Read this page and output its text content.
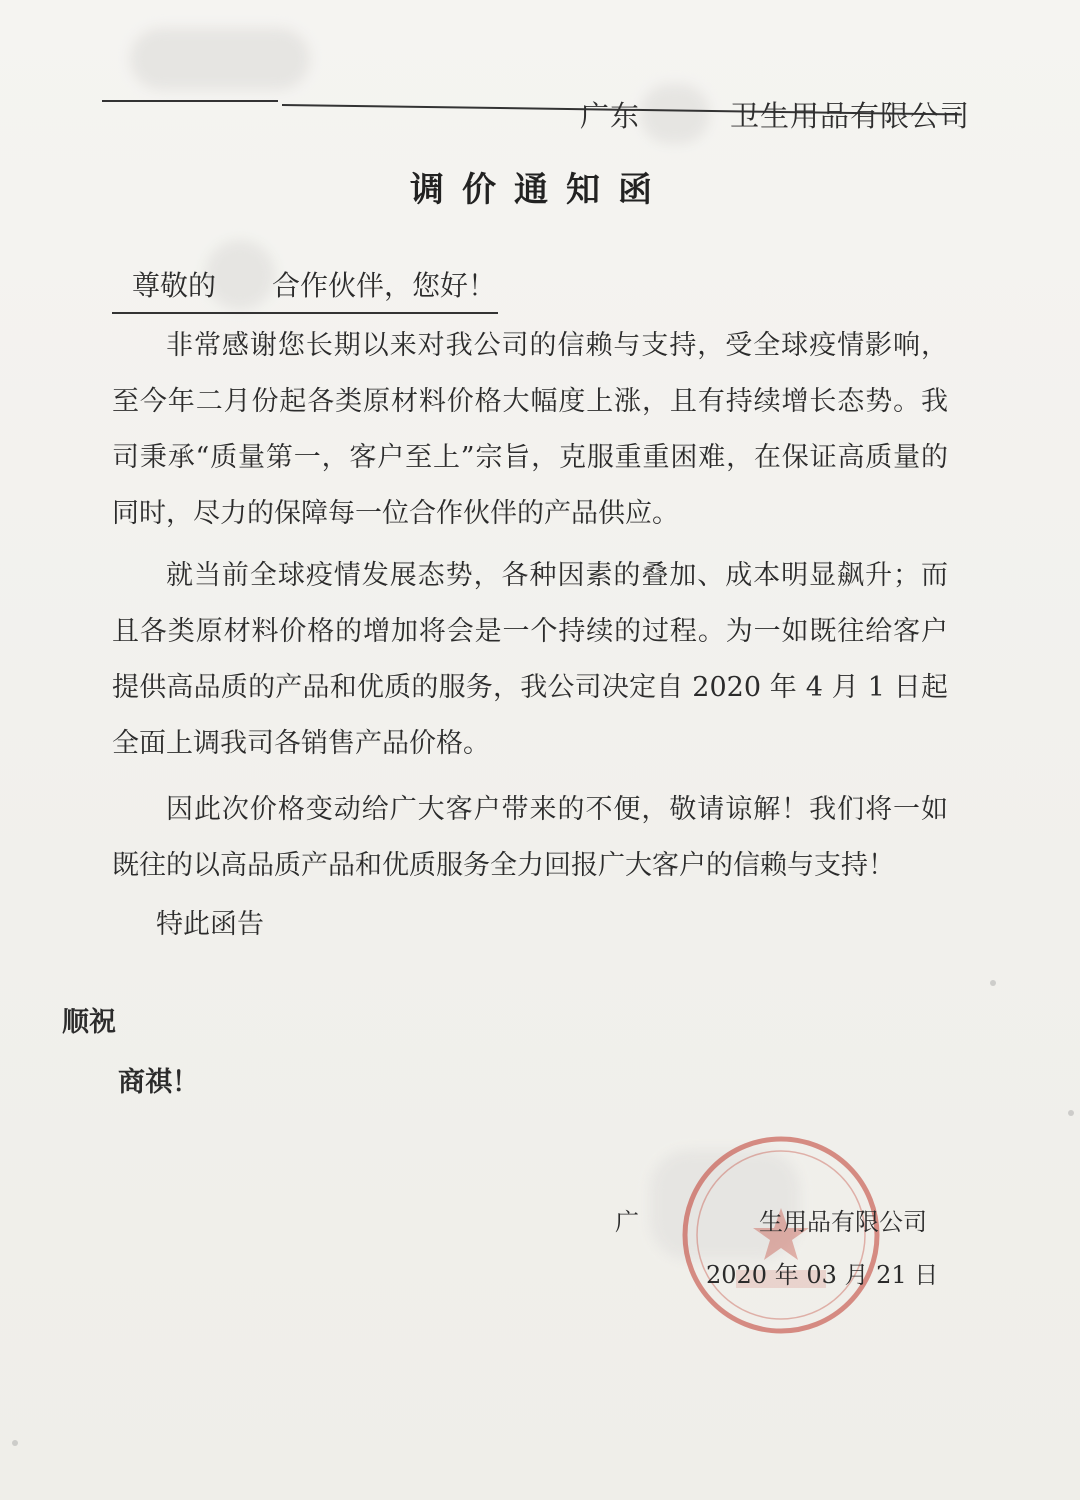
广东　　　卫生用品有限公司
调价通知函
尊敬的　　合作伙伴，您好！

非常感谢您长期以来对我公司的信赖与支持，受全球疫情影响，至今年二月份起各类原材料价格大幅度上涨，且有持续增长态势。我司秉承“质量第一，客户至上”宗旨，克服重重困难，在保证高质量的同时，尽力的保障每一位合作伙伴的产品供应。

就当前全球疫情发展态势，各种因素的叠加、成本明显飙升；而且各类原材料价格的增加将会是一个持续的过程。为一如既往给客户提供高品质的产品和优质的服务，我公司决定自 2020 年 4 月 1 日起全面上调我司各销售产品价格。

因此次价格变动给广大客户带来的不便，敬请谅解！我们将一如既往的以高品质产品和优质服务全力回报广大客户的信赖与支持！

特此函告
顺祝
商祺！
广　　　　　生用品有限公司
2020 年 03 月 21 日
